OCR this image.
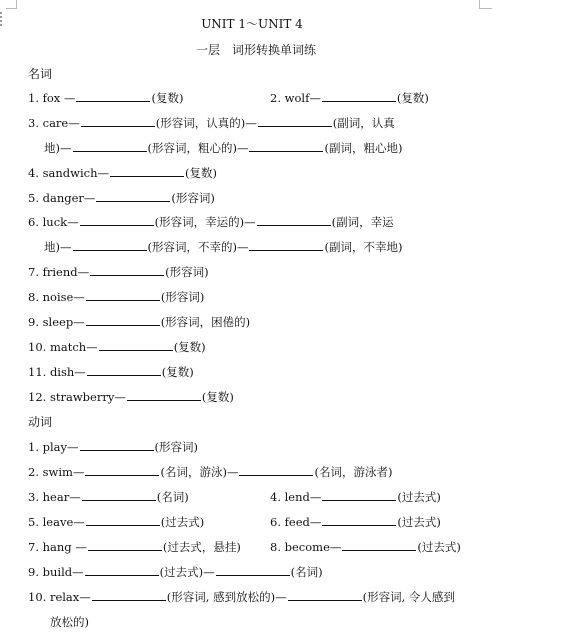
UNIT 1～UNIT 4
一层　词形转换单词练
名词
1. fox —	(复数)	2. wolf—	(复数)
3. care—	(形容词，认真的)—	(副词，认真
地)—	(形容词，粗心的)—	(副词，粗心地)
4. sandwich—	(复数)
5. danger—	(形容词)
6. luck—	(形容词，幸运的)—	(副词，幸运
地)—	(形容词，不幸的)—	(副词，不幸地)
7. friend—	(形容词)
8. noise—	(形容词)
9. sleep—	(形容词，困倦的)
10. match—	(复数)
11. dish—	(复数)
12. strawberry—	(复数)
动词
1. play—	(形容词)
2. swim—	(名词，游泳)—	(名词，游泳者)
3. hear—	(名词)	4. lend—	(过去式)
5. leave—	(过去式)	6. feed—	(过去式)
7. hang —	(过去式，悬挂)	8. become—	(过去式)
9. build—	(过去式)—	(名词)
10. relax—	(形容词, 感到放松的)—	(形容词, 令人感到
放松的)
